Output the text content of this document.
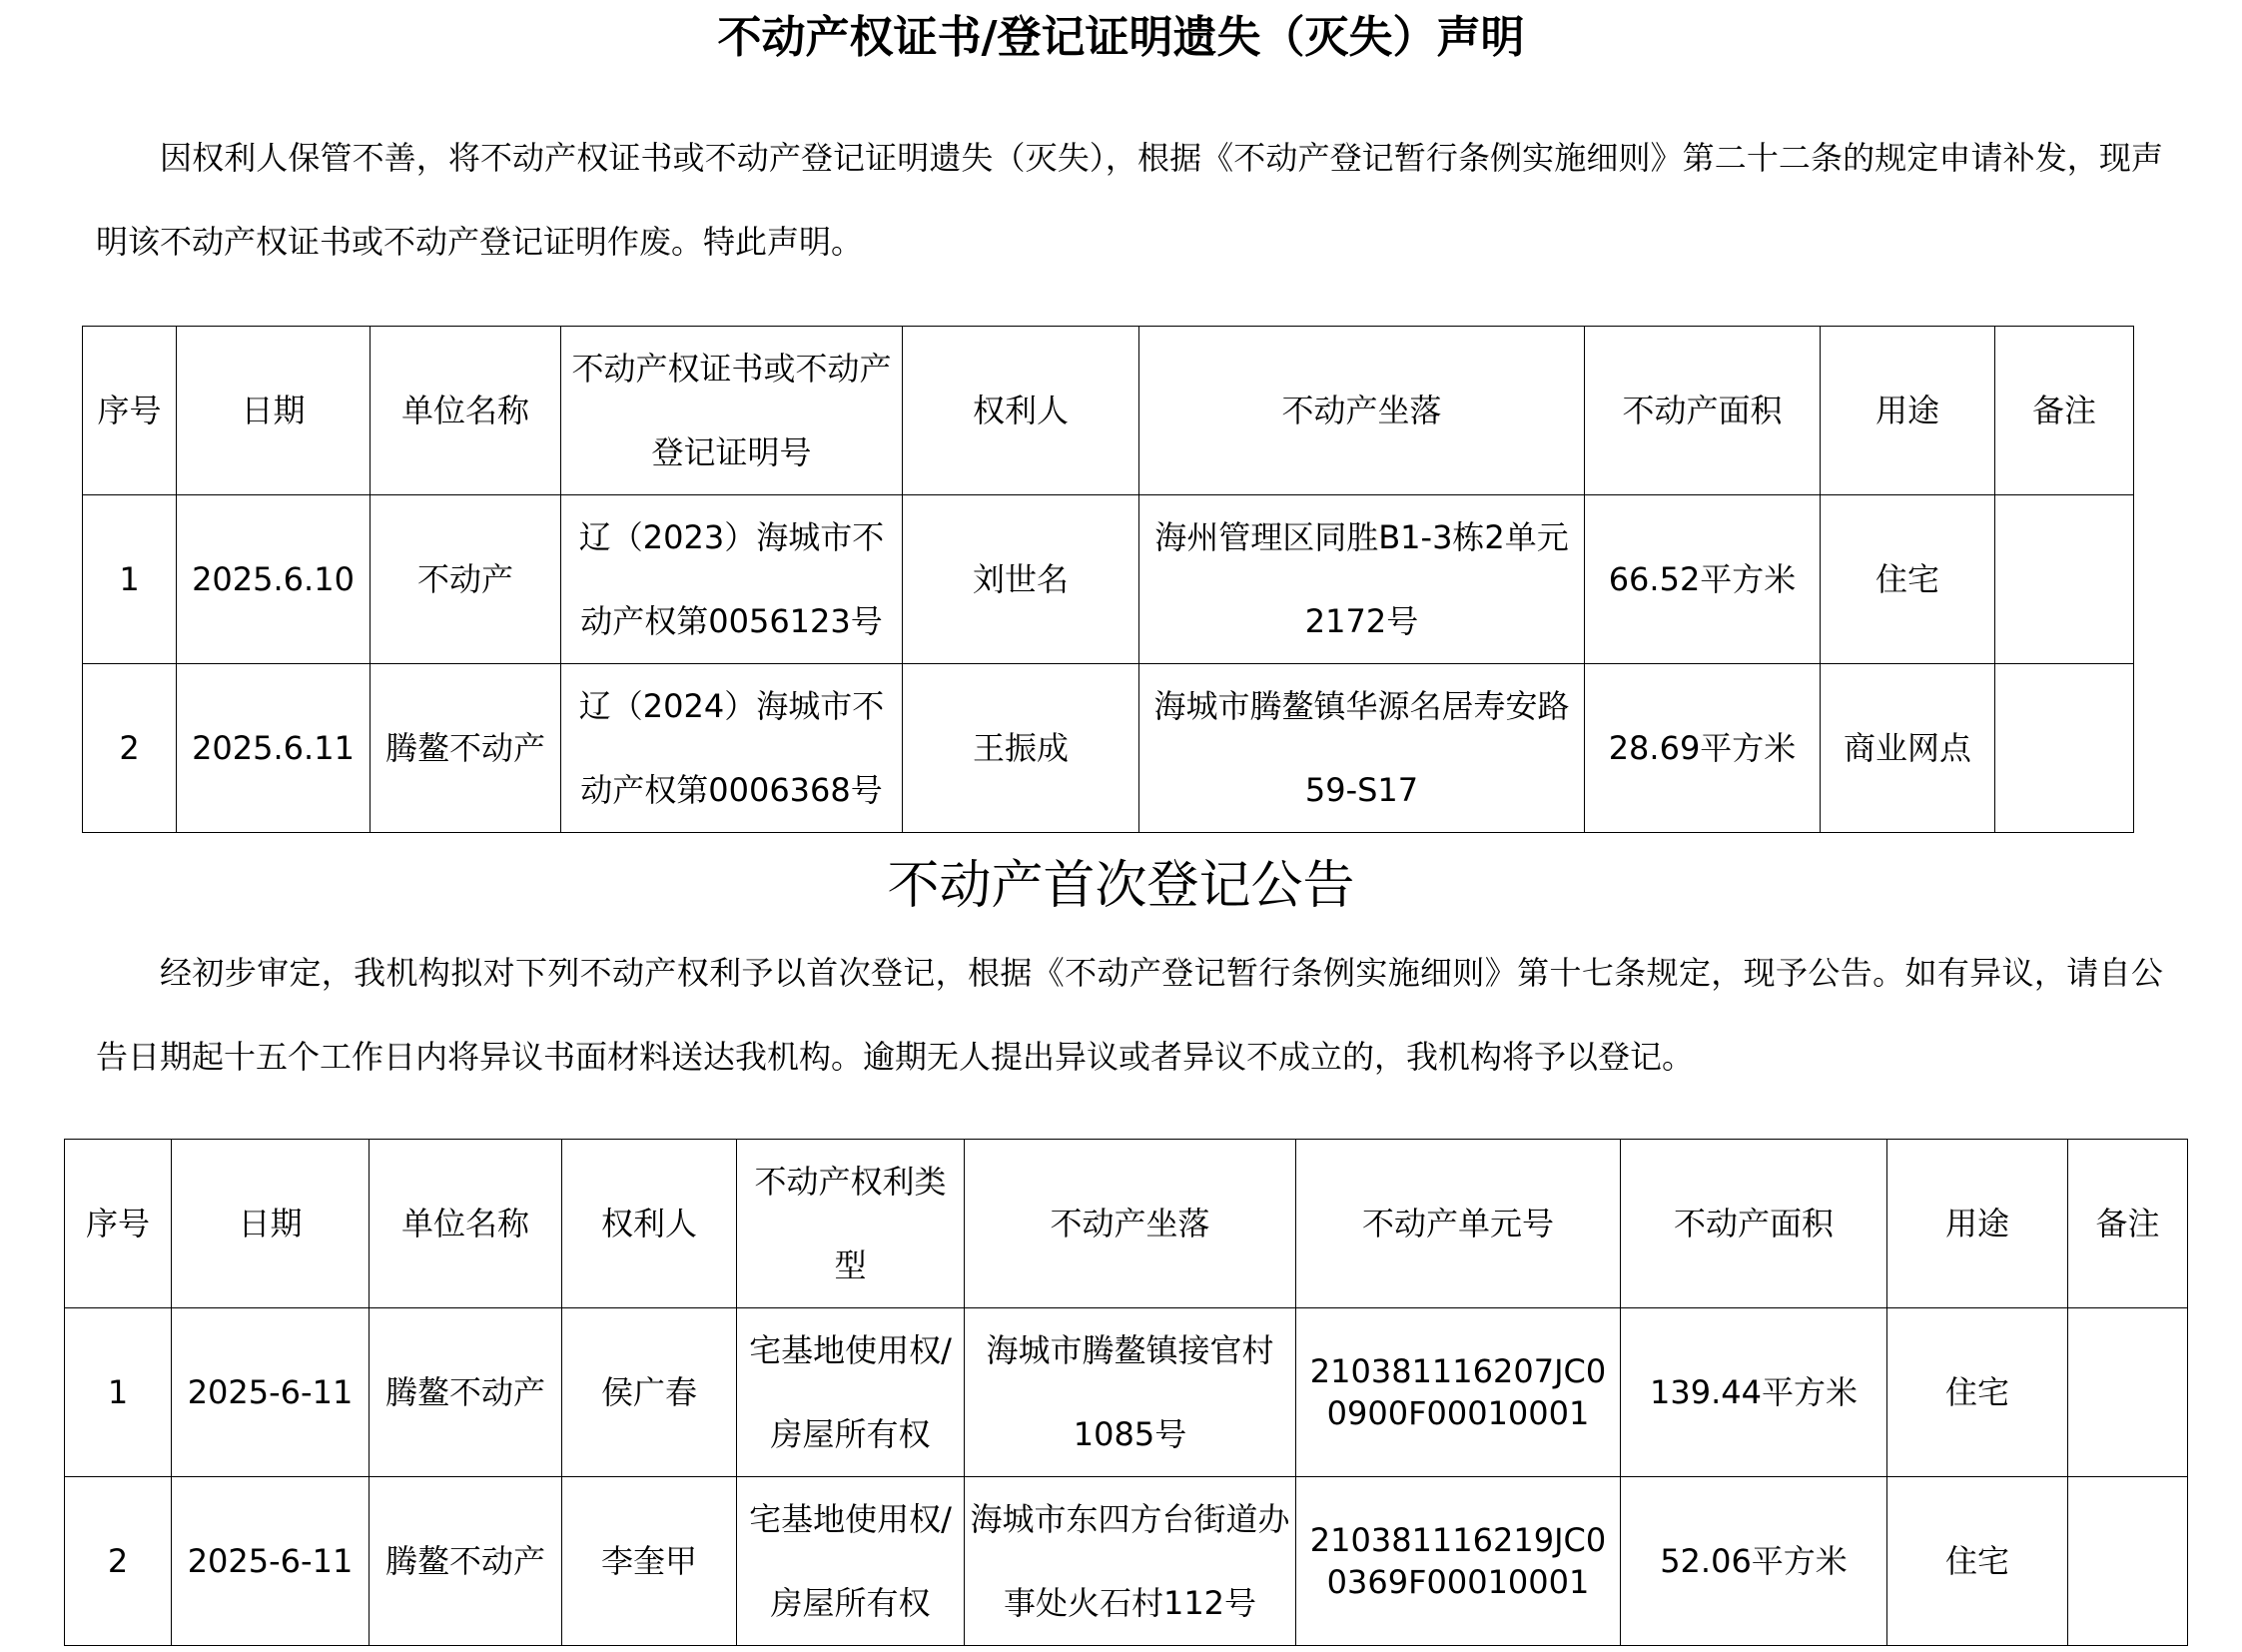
不动产权证书/登记证明遗失（灭失）声明

因权利人保管不善，将不动产权证书或不动产登记证明遗失（灭失），根据《不动产登记暂行条例实施细则》第二十二条的规定申请补发，现声明该不动产权证书或不动产登记证明作废。特此声明。

序号	日期	单位名称	不动产权证书或不动产登记证明号	权利人	不动产坐落	不动产面积	用途	备注
1	2025.6.10	不动产	辽（2023）海城市不动产权第0056123号	刘世名	海州管理区同胜B1-3栋2单元2172号	66.52平方米	住宅	
2	2025.6.11	腾鳌不动产	辽（2024）海城市不动产权第0006368号	王振成	海城市腾鳌镇华源名居寿安路59-S17	28.69平方米	商业网点	
不动产首次登记公告

经初步审定，我机构拟对下列不动产权利予以首次登记，根据《不动产登记暂行条例实施细则》第十七条规定，现予公告。如有异议，请自公告日期起十五个工作日内将异议书面材料送达我机构。逾期无人提出异议或者异议不成立的，我机构将予以登记。

序号	日期	单位名称	权利人	不动产权利类型	不动产坐落	不动产单元号	不动产面积	用途	备注
1	2025-6-11	腾鳌不动产	侯广春	宅基地使用权/房屋所有权	海城市腾鳌镇接官村1085号	210381116207JC00900F00010001	139.44平方米	住宅	
2	2025-6-11	腾鳌不动产	李奎甲	宅基地使用权/房屋所有权	海城市东四方台街道办事处火石村112号	210381116219JC00369F00010001	52.06平方米	住宅	
